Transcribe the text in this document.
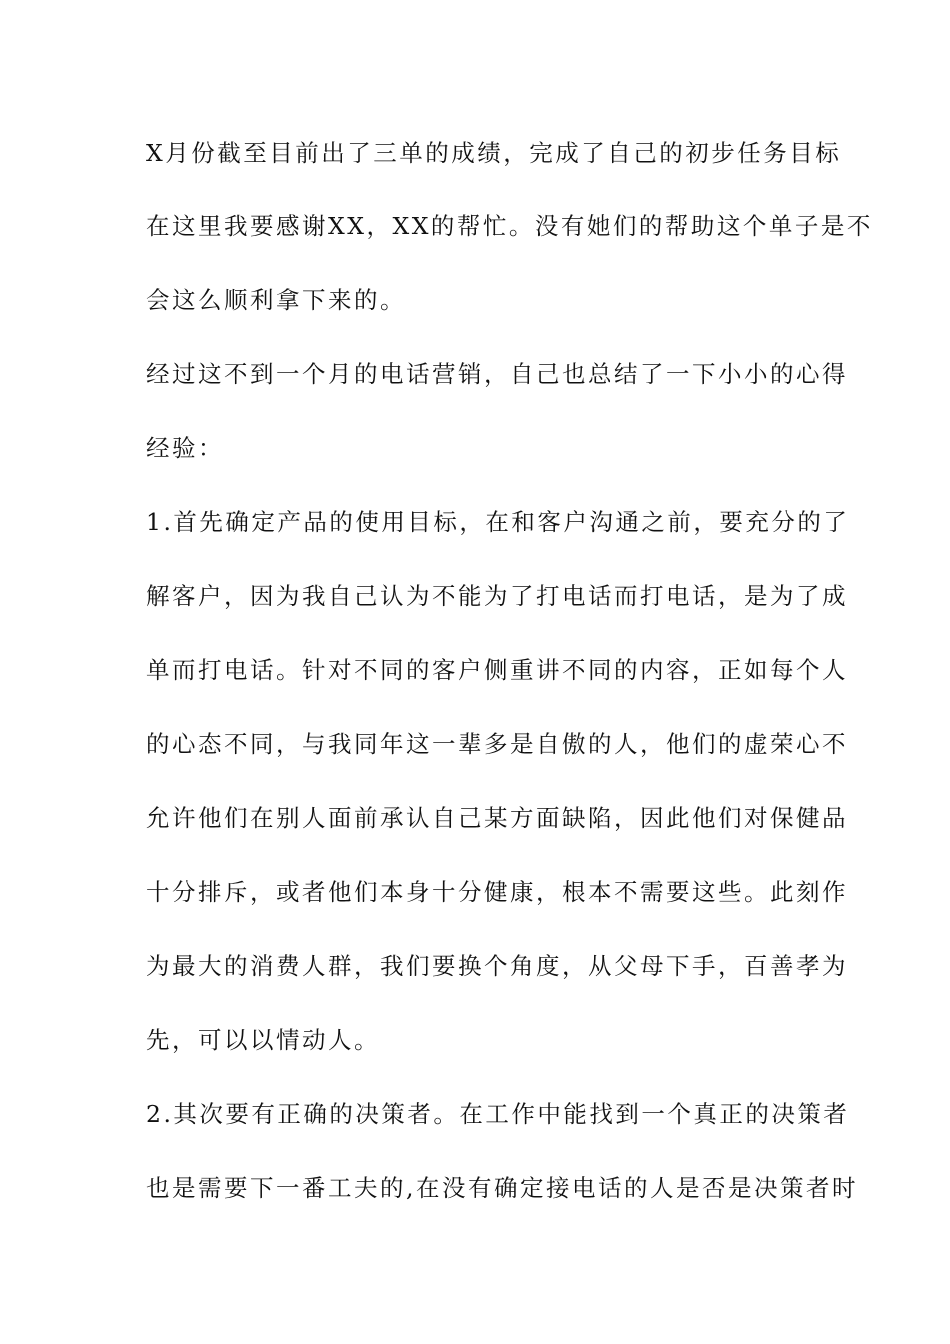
X月份截至目前出了三单的成绩，完成了自己的初步任务目标
在这里我要感谢XX，XX的帮忙。没有她们的帮助这个单子是不
会这么顺利拿下来的。
经过这不到一个月的电话营销，自己也总结了一下小小的心得
经验：
1.首先确定产品的使用目标，在和客户沟通之前，要充分的了
解客户，因为我自己认为不能为了打电话而打电话，是为了成
单而打电话。针对不同的客户侧重讲不同的内容，正如每个人
的心态不同，与我同年这一辈多是自傲的人，他们的虚荣心不
允许他们在别人面前承认自己某方面缺陷，因此他们对保健品
十分排斥，或者他们本身十分健康，根本不需要这些。此刻作
为最大的消费人群，我们要换个角度，从父母下手，百善孝为
先，可以以情动人。
2.其次要有正确的决策者。在工作中能找到一个真正的决策者
也是需要下一番工夫的,在没有确定接电话的人是否是决策者时
